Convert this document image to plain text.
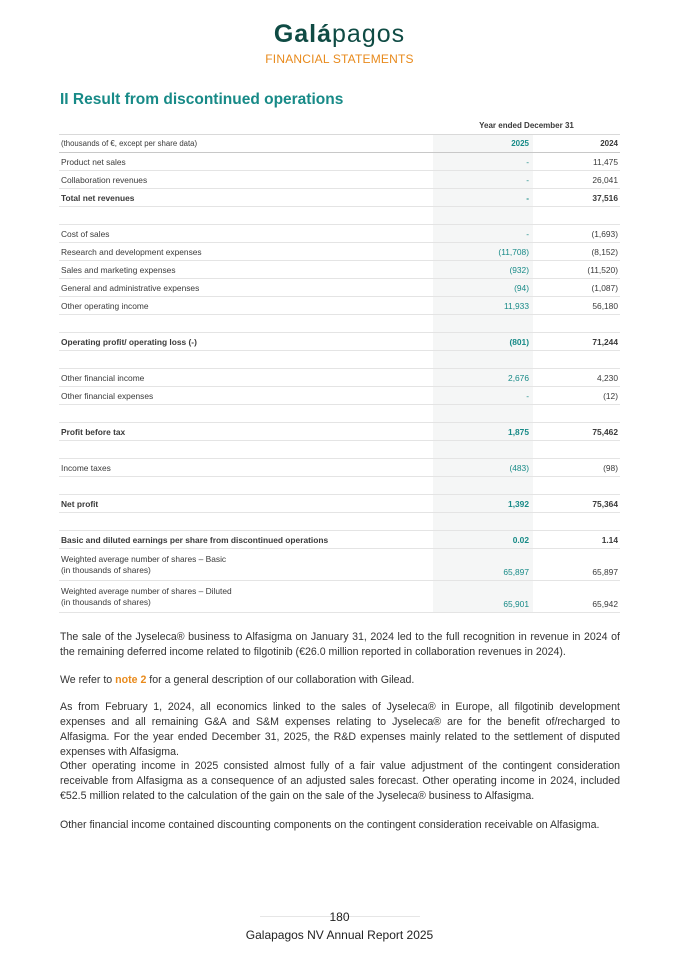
Galápagos
FINANCIAL STATEMENTS
II Result from discontinued operations
	Year ended December 31	
(thousands of €, except per share data)	2025	2024
Product net sales	-	11,475
Collaboration revenues	-	26,041
Total net revenues	-	37,516

Cost of sales	-	(1,693)
Research and development expenses	(11,708)	(8,152)
Sales and marketing expenses	(932)	(11,520)
General and administrative expenses	(94)	(1,087)
Other operating income	11,933	56,180

Operating profit/ operating loss (-)	(801)	71,244

Other financial income	2,676	4,230
Other financial expenses	-	(12)

Profit before tax	1,875	75,462

Income taxes	(483)	(98)

Net profit	1,392	75,364

Basic and diluted earnings per share from discontinued operations	0.02	1.14
Weighted average number of shares – Basic
(in thousands of shares)	65,897	65,897
Weighted average number of shares – Diluted
(in thousands of shares)	65,901	65,942

The sale of the Jyseleca® business to Alfasigma on January 31, 2024 led to the full recognition in revenue in 2024 of the remaining deferred income related to filgotinib (€26.0 million reported in collaboration revenues in 2024).

We refer to note 2 for a general description of our collaboration with Gilead.

As from February 1, 2024, all economics linked to the sales of Jyseleca® in Europe, all filgotinib development expenses and all remaining G&A and S&M expenses relating to Jyseleca® are for the benefit of/recharged to Alfasigma. For the year ended December 31, 2025, the R&D expenses mainly related to the settlement of disputed expenses with Alfasigma.

Other operating income in 2025 consisted almost fully of a fair value adjustment of the contingent consideration receivable from Alfasigma as a consequence of an adjusted sales forecast. Other operating income in 2024, included €52.5 million related to the calculation of the gain on the sale of the Jyseleca® business to Alfasigma.

Other financial income contained discounting components on the contingent consideration receivable on Alfasigma.

180
Galapagos NV Annual Report 2025
